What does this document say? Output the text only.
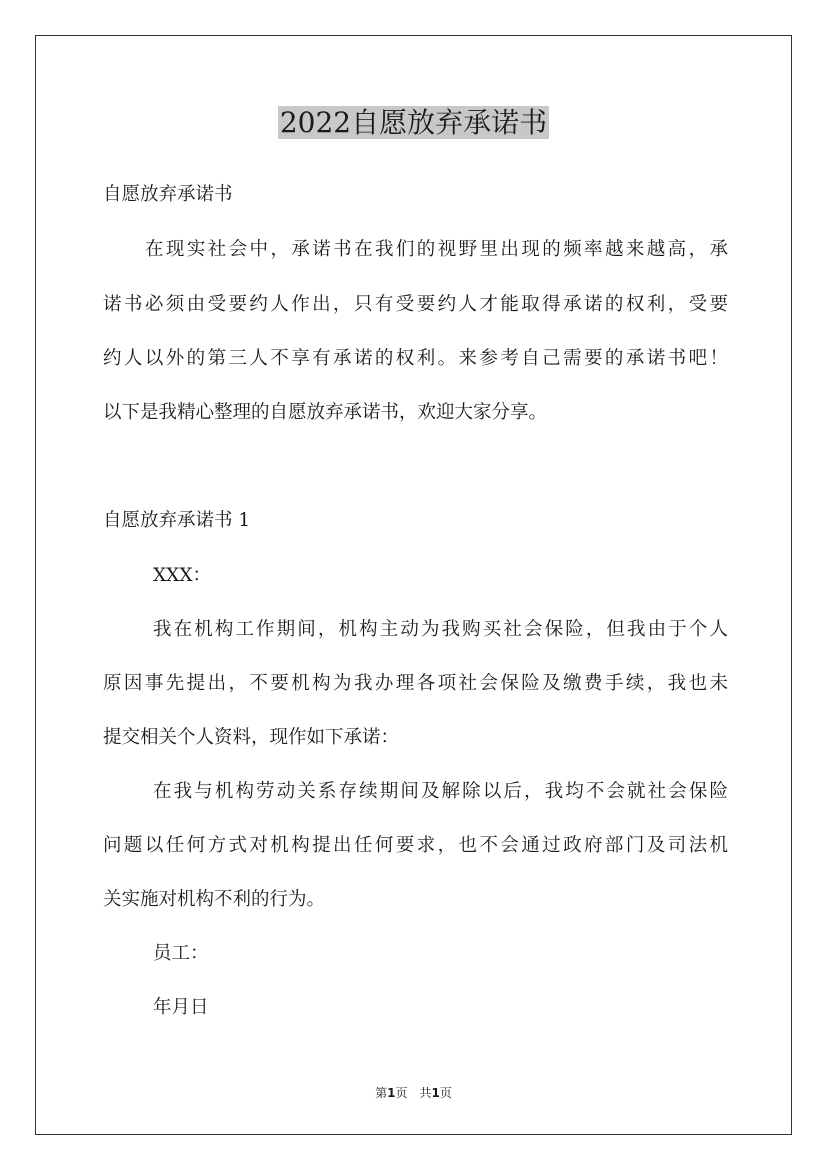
2022自愿放弃承诺书
自愿放弃承诺书
在现实社会中，承诺书在我们的视野里出现的频率越来越高，承
诺书必须由受要约人作出，只有受要约人才能取得承诺的权利，受要
约人以外的第三人不享有承诺的权利。来参考自己需要的承诺书吧！
以下是我精心整理的自愿放弃承诺书，欢迎大家分享。
自愿放弃承诺书 1
XXX：
我在机构工作期间，机构主动为我购买社会保险，但我由于个人
原因事先提出，不要机构为我办理各项社会保险及缴费手续，我也未
提交相关个人资料，现作如下承诺：
在我与机构劳动关系存续期间及解除以后，我均不会就社会保险
问题以任何方式对机构提出任何要求，也不会通过政府部门及司法机
关实施对机构不利的行为。
员工：
年月日
第1页　共1页
